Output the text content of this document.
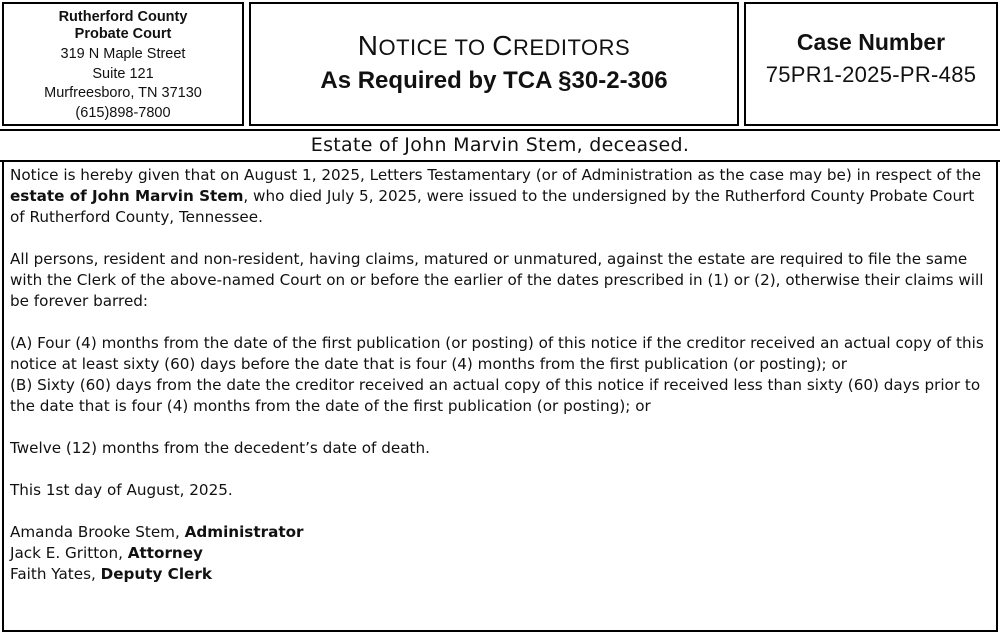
Rutherford County
Probate Court
319 N Maple Street
Suite 121
Murfreesboro, TN 37130
(615)898-7800
NOTICE TO CREDITORS
As Required by TCA §30-2-306
Case Number
75PR1-2025-PR-485
Estate of John Marvin Stem, deceased.

Notice is hereby given that on August 1, 2025, Letters Testamentary (or of Administration as the case may be) in respect of the estate of John Marvin Stem, who died July 5, 2025, were issued to the undersigned by the Rutherford County Probate Court of Rutherford County, Tennessee.

All persons, resident and non-resident, having claims, matured or unmatured, against the estate are required to file the same with the Clerk of the above-named Court on or before the earlier of the dates prescribed in (1) or (2), otherwise their claims will be forever barred:

(A) Four (4) months from the date of the first publication (or posting) of this notice if the creditor received an actual copy of this notice at least sixty (60) days before the date that is four (4) months from the first publication (or posting); or

(B) Sixty (60) days from the date the creditor received an actual copy of this notice if received less than sixty (60) days prior to the date that is four (4) months from the date of the first publication (or posting); or

Twelve (12) months from the decedent’s date of death.

This 1st day of August, 2025.

Amanda Brooke Stem, Administrator
Jack E. Gritton, Attorney
Faith Yates, Deputy Clerk
